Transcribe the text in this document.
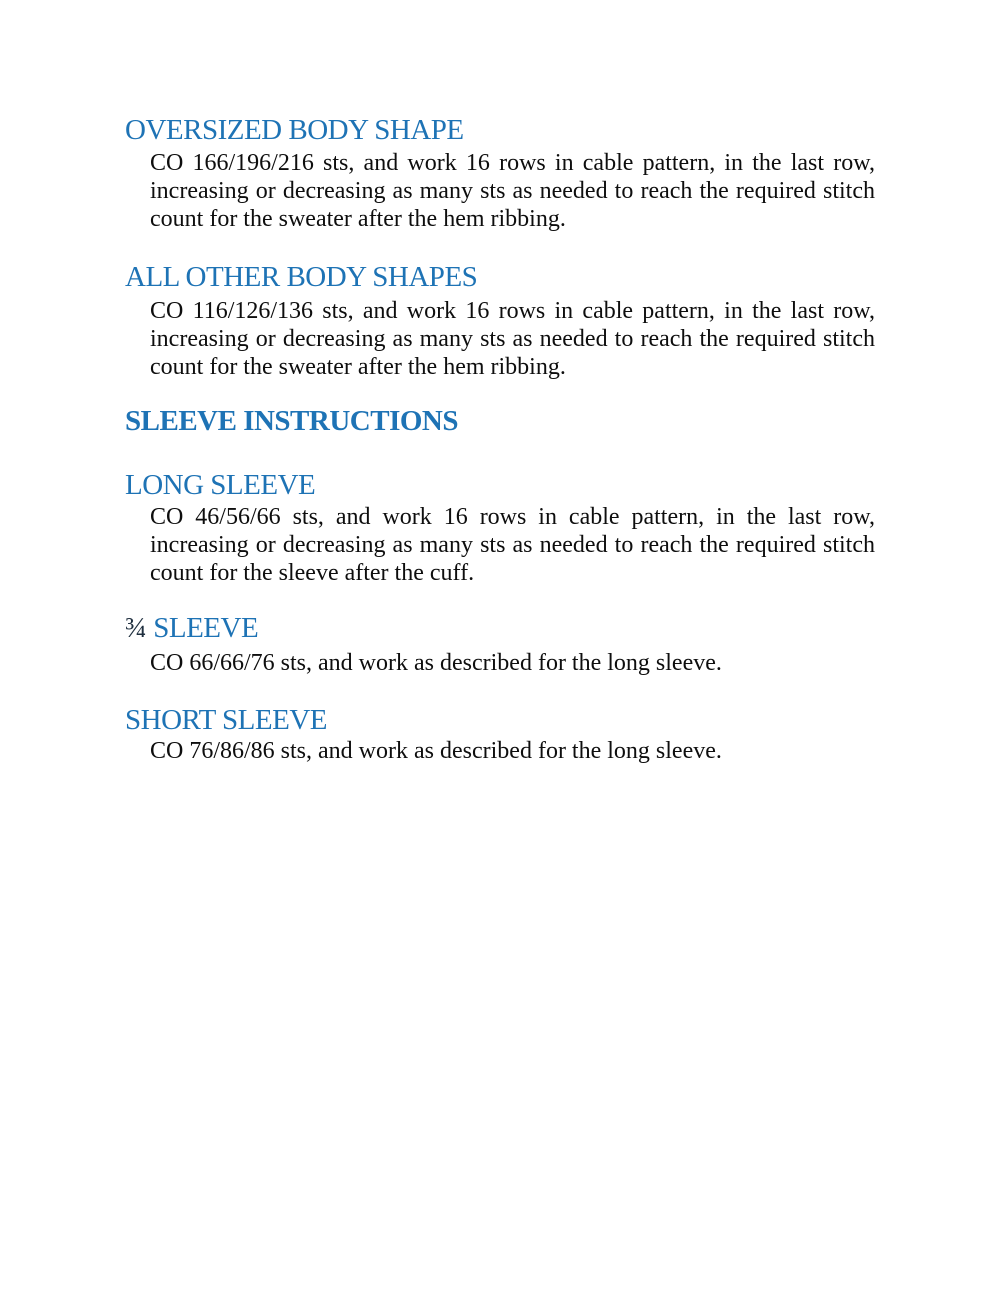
OVERSIZED BODY SHAPE

CO 166/196/216 sts, and work 16 rows in cable pattern, in the last row, increasing or decreasing as many sts as needed to reach the required stitch count for the sweater after the hem ribbing.

ALL OTHER BODY SHAPES

CO 116/126/136 sts, and work 16 rows in cable pattern, in the last row, increasing or decreasing as many sts as needed to reach the required stitch count for the sweater after the hem ribbing.

SLEEVE INSTRUCTIONS
LONG SLEEVE

CO 46/56/66 sts, and work 16 rows in cable pattern, in the last row, increasing or decreasing as many sts as needed to reach the required stitch count for the sleeve after the cuff.

¾ SLEEVE

CO 66/66/76 sts, and work as described for the long sleeve.

SHORT SLEEVE

CO 76/86/86 sts, and work as described for the long sleeve.
